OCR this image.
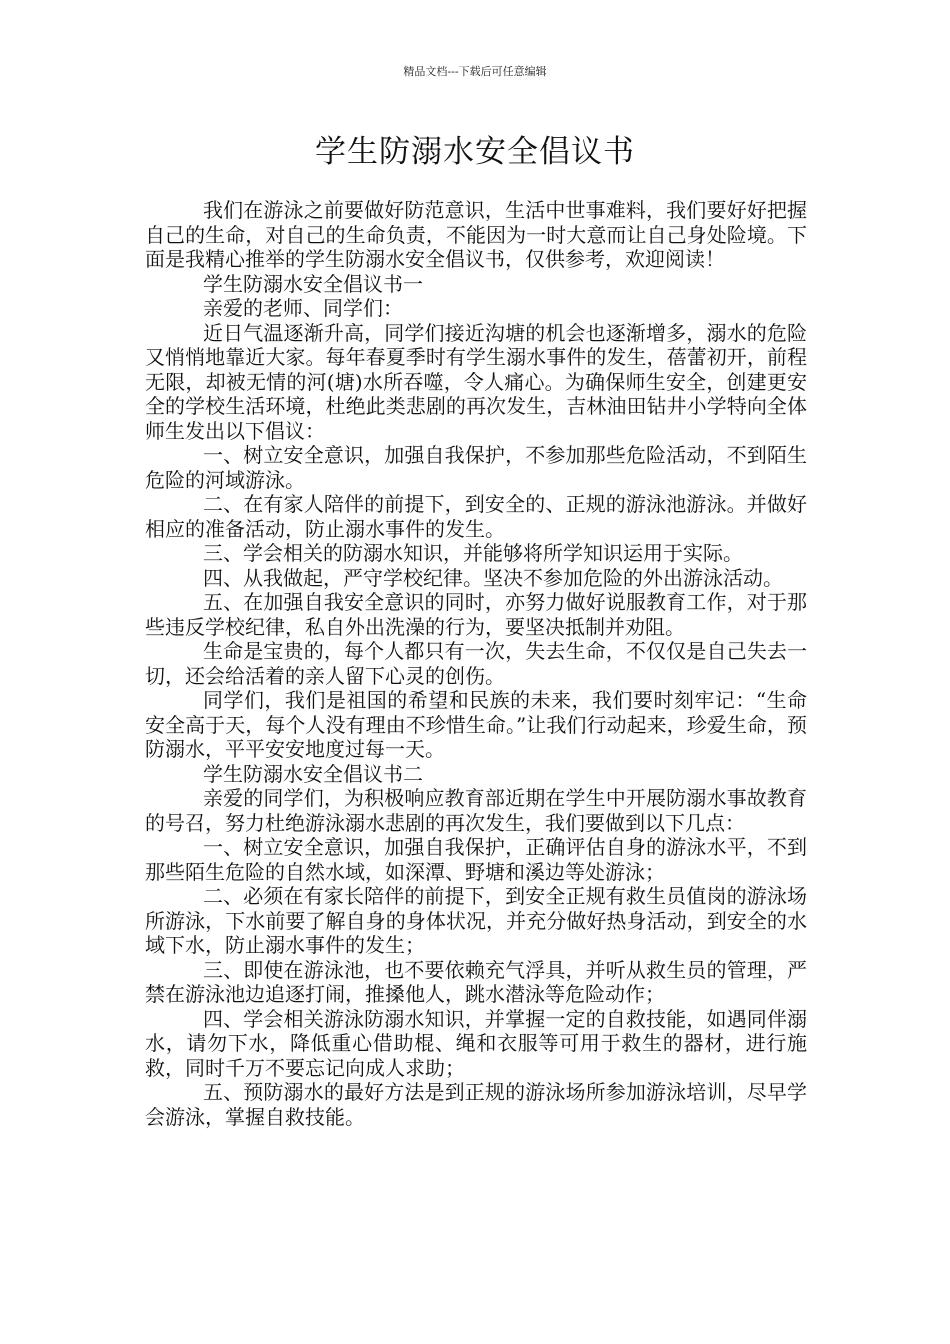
精品文档---下载后可任意编辑
学生防溺水安全倡议书

我们在游泳之前要做好防范意识，生活中世事难料，我们要好好把握自己的生命，对自己的生命负责，不能因为一时大意而让自己身处险境。下面是我精心推举的学生防溺水安全倡议书，仅供参考，欢迎阅读！

学生防溺水安全倡议书一

亲爱的老师、同学们：

近日气温逐渐升高，同学们接近沟塘的机会也逐渐增多，溺水的危险又悄悄地靠近大家。每年春夏季时有学生溺水事件的发生，蓓蕾初开，前程无限，却被无情的河(塘)水所吞噬，令人痛心。为确保师生安全，创建更安全的学校生活环境，杜绝此类悲剧的再次发生，吉林油田钻井小学特向全体师生发出以下倡议：

一、树立安全意识，加强自我保护，不参加那些危险活动，不到陌生危险的河域游泳。

二、在有家人陪伴的前提下，到安全的、正规的游泳池游泳。并做好相应的准备活动，防止溺水事件的发生。

三、学会相关的防溺水知识，并能够将所学知识运用于实际。

四、从我做起，严守学校纪律。坚决不参加危险的外出游泳活动。

五、在加强自我安全意识的同时，亦努力做好说服教育工作，对于那些违反学校纪律，私自外出洗澡的行为，要坚决抵制并劝阻。

生命是宝贵的，每个人都只有一次，失去生命，不仅仅是自己失去一切，还会给活着的亲人留下心灵的创伤。

同学们，我们是祖国的希望和民族的未来，我们要时刻牢记：“生命安全高于天，每个人没有理由不珍惜生命。”让我们行动起来，珍爱生命，预防溺水，平平安安地度过每一天。

学生防溺水安全倡议书二

亲爱的同学们，为积极响应教育部近期在学生中开展防溺水事故教育的号召，努力杜绝游泳溺水悲剧的再次发生，我们要做到以下几点：

一、树立安全意识，加强自我保护，正确评估自身的游泳水平，不到那些陌生危险的自然水域，如深潭、野塘和溪边等处游泳；

二、必须在有家长陪伴的前提下，到安全正规有救生员值岗的游泳场所游泳，下水前要了解自身的身体状况，并充分做好热身活动，到安全的水域下水，防止溺水事件的发生；

三、即使在游泳池，也不要依赖充气浮具，并听从救生员的管理，严禁在游泳池边追逐打闹，推搡他人，跳水潜泳等危险动作；

四、学会相关游泳防溺水知识，并掌握一定的自救技能，如遇同伴溺水，请勿下水，降低重心借助棍、绳和衣服等可用于救生的器材，进行施救，同时千万不要忘记向成人求助；

五、预防溺水的最好方法是到正规的游泳场所参加游泳培训，尽早学会游泳，掌握自救技能。
